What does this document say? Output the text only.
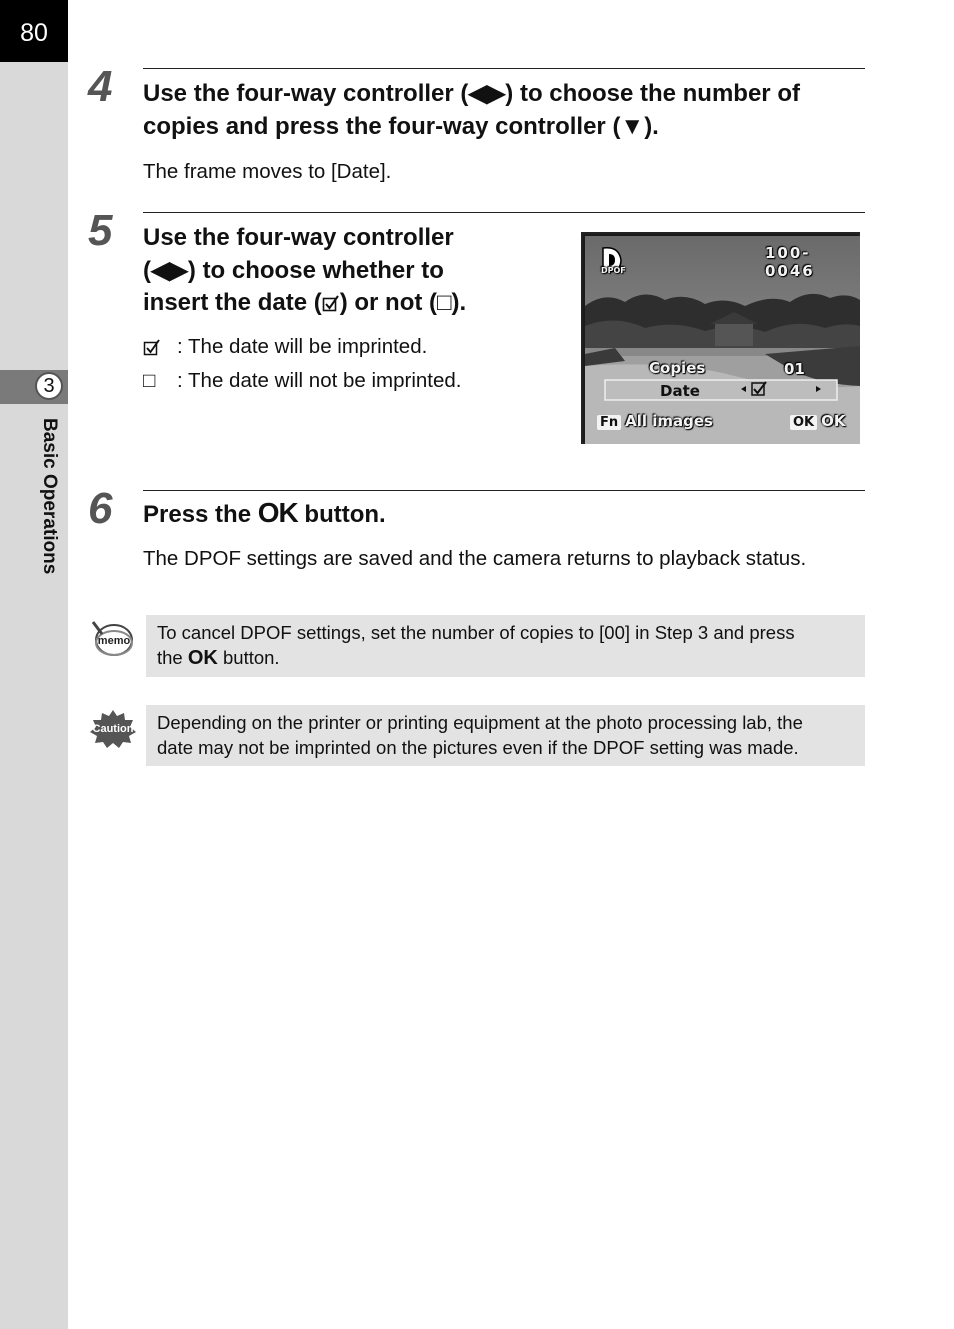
80
3
Basic Operations
4 Use the four-way controller (◀▶) to choose the number of
copies and press the four-way controller (▼).
The frame moves to [Date].
5 Use the four-way controller
(◀▶) to choose whether to
insert the date ( ) or not (□).
: The date will be imprinted.
□ : The date will not be imprinted.
100-0046
DPOF
Copies	01
Date
Fn All images	OK OK
6 Press the OK button.
The DPOF settings are saved and the camera returns to playback status.
memo To cancel DPOF settings, set the number of copies to [00] in Step 3 and press
the OK button.
Caution Depending on the printer or printing equipment at the photo processing lab, the
date may not be imprinted on the pictures even if the DPOF setting was made.
